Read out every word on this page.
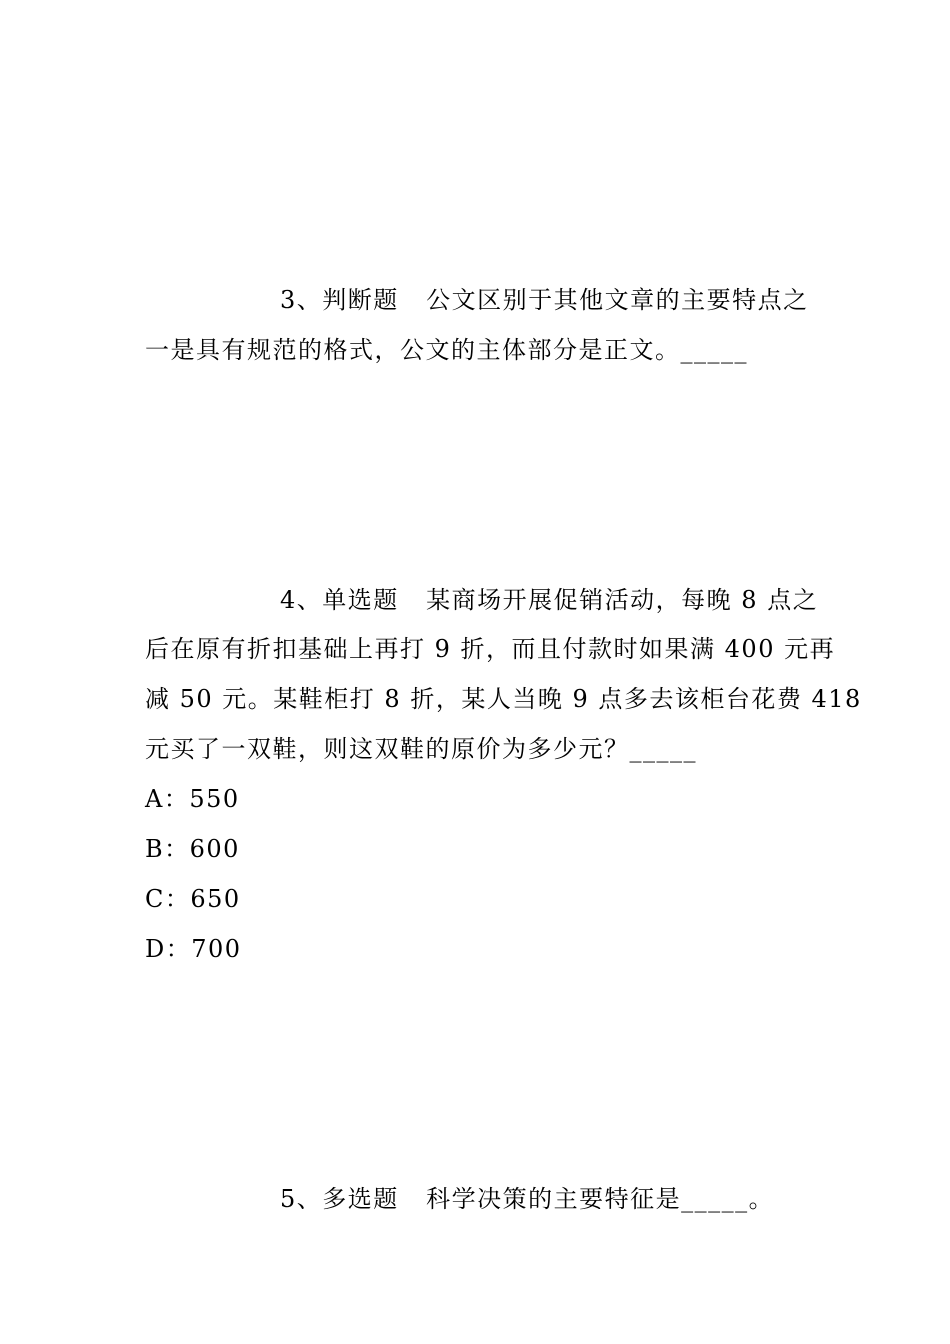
3、判断题 公文区别于其他文章的主要特点之

一是具有规范的格式，公文的主体部分是正文。_____

4、单选题 某商场开展促销活动，每晚 8 点之

后在原有折扣基础上再打 9 折，而且付款时如果满 400 元再

减 50 元。某鞋柜打 8 折，某人当晚 9 点多去该柜台花费 418

元买了一双鞋，则这双鞋的原价为多少元？_____

A：550

B：600

C：650

D：700

5、多选题 科学决策的主要特征是_____。
